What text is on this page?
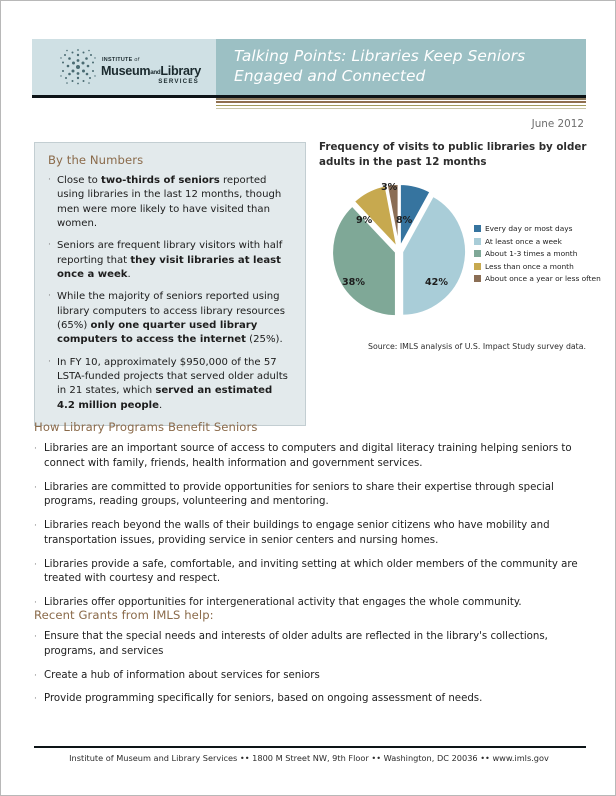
INSTITUTE of
MuseumandLibrary
SERVICES
Talking Points: Libraries Keep Seniors Engaged and Connected
June 2012
By the Numbers
· Close to two-thirds of seniors reported using libraries in the last 12 months, though men were more likely to have visited than women.
· Seniors are frequent library visitors with half reporting that they visit libraries at least once a week.
· While the majority of seniors reported using library computers to access library resources (65%) only one quarter used library computers to access the internet (25%).
· In FY 10, approximately $950,000 of the 57 LSTA-funded projects that served older adults in 21 states, which served an estimated 4.2 million people.
Frequency of visits to public libraries by older adults in the past 12 months
8%
42%
38%
9%
3%
Every day or most days
At least once a week
About 1-3 times a month
Less than once a month
About once a year or less often
Source: IMLS analysis of U.S. Impact Study survey data.
How Library Programs Benefit Seniors
· Libraries are an important source of access to computers and digital literacy training helping seniors to connect with family, friends, health information and government services.
· Libraries are committed to provide opportunities for seniors to share their expertise through special programs, reading groups, volunteering and mentoring.
· Libraries reach beyond the walls of their buildings to engage senior citizens who have mobility and transportation issues, providing service in senior centers and nursing homes.
· Libraries provide a safe, comfortable, and inviting setting at which older members of the community are treated with courtesy and respect.
· Libraries offer opportunities for intergenerational activity that engages the whole community.
Recent Grants from IMLS help:
· Ensure that the special needs and interests of older adults are reflected in the library's collections, programs, and services
· Create a hub of information about services for seniors
· Provide programming specifically for seniors, based on ongoing assessment of needs.
Institute of Museum and Library Services •• 1800 M Street NW, 9th Floor •• Washington, DC 20036 •• www.imls.gov
